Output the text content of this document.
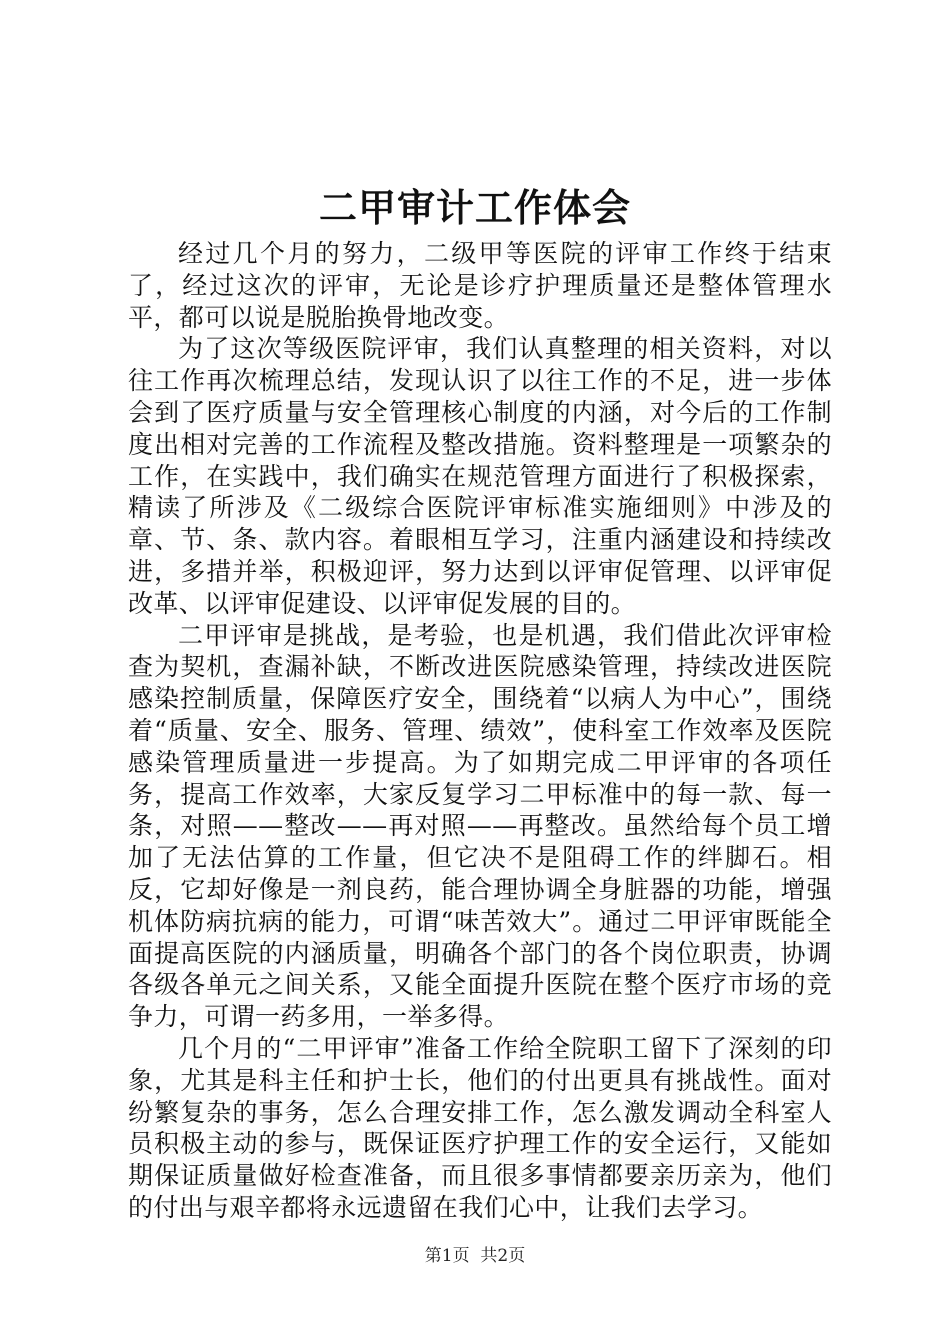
二甲审计工作体会

经过几个月的努力，二级甲等医院的评审工作终于结束了，经过这次的评审，无论是诊疗护理质量还是整体管理水平，都可以说是脱胎换骨地改变。

为了这次等级医院评审，我们认真整理的相关资料，对以往工作再次梳理总结，发现认识了以往工作的不足，进一步体会到了医疗质量与安全管理核心制度的内涵，对今后的工作制度出相对完善的工作流程及整改措施。资料整理是一项繁杂的工作，在实践中，我们确实在规范管理方面进行了积极探索，精读了所涉及《二级综合医院评审标准实施细则》中涉及的章、节、条、款内容。着眼相互学习，注重内涵建设和持续改进，多措并举，积极迎评，努力达到以评审促管理、以评审促改革、以评审促建设、以评审促发展的目的。

二甲评审是挑战，是考验，也是机遇，我们借此次评审检查为契机，查漏补缺，不断改进医院感染管理，持续改进医院感染控制质量，保障医疗安全，围绕着“以病人为中心”，围绕着“质量、安全、服务、管理、绩效”，使科室工作效率及医院感染管理质量进一步提高。为了如期完成二甲评审的各项任务，提高工作效率，大家反复学习二甲标准中的每一款、每一条，对照——整改——再对照——再整改。虽然给每个员工增加了无法估算的工作量，但它决不是阻碍工作的绊脚石。相反，它却好像是一剂良药，能合理协调全身脏器的功能，增强机体防病抗病的能力，可谓“味苦效大”。通过二甲评审既能全面提高医院的内涵质量，明确各个部门的各个岗位职责，协调各级各单元之间关系，又能全面提升医院在整个医疗市场的竞争力，可谓一药多用，一举多得。

几个月的“二甲评审”准备工作给全院职工留下了深刻的印象，尤其是科主任和护士长，他们的付出更具有挑战性。面对纷繁复杂的事务，怎么合理安排工作，怎么激发调动全科室人员积极主动的参与，既保证医疗护理工作的安全运行，又能如期保证质量做好检查准备，而且很多事情都要亲历亲为，他们的付出与艰辛都将永远遗留在我们心中，让我们去学习。

第1页 共2页
